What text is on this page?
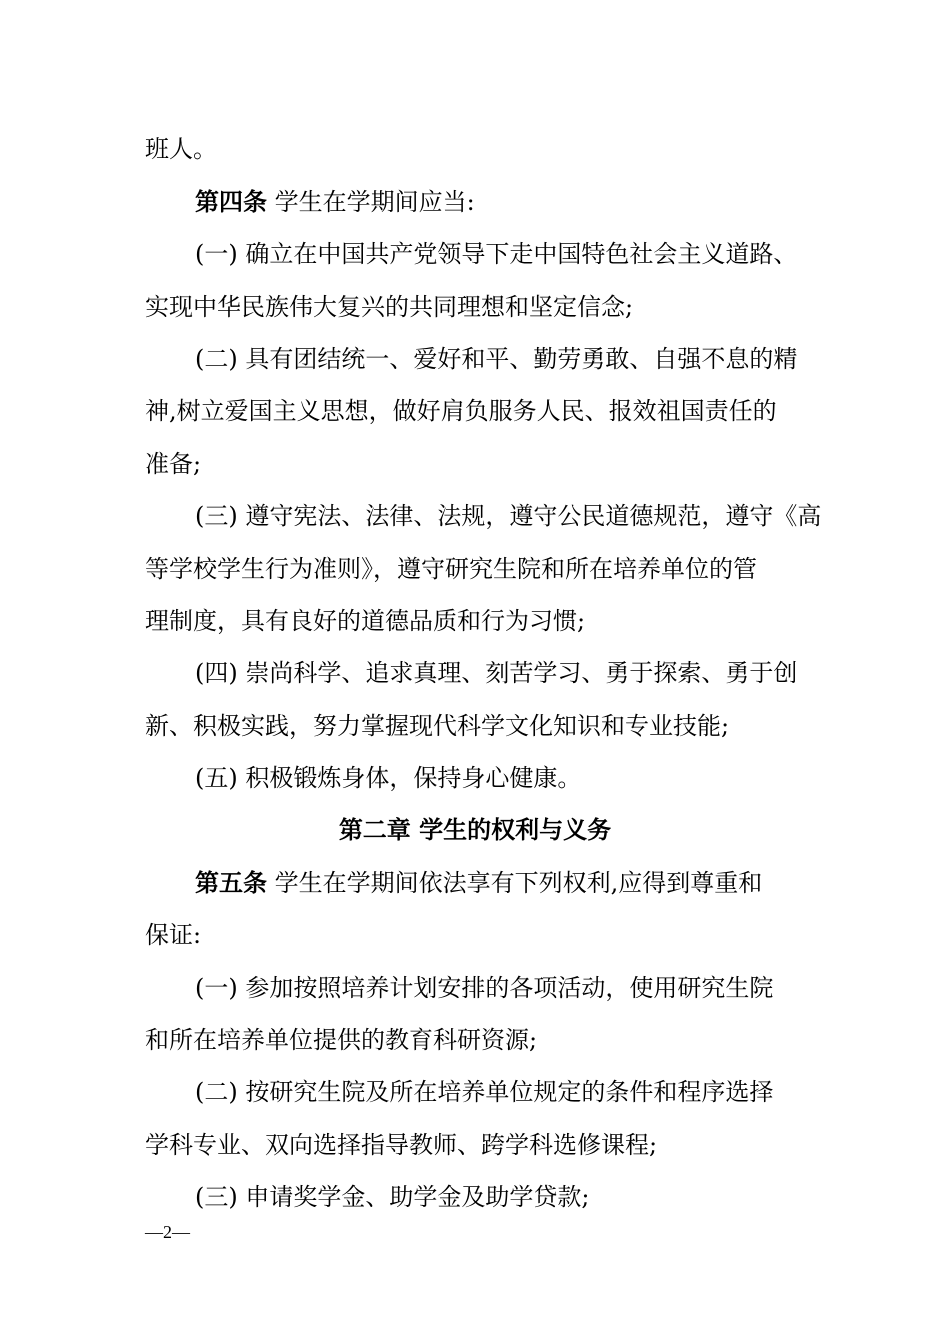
班人。
第四条 学生在学期间应当:
(一) 确立在中国共产党领导下走中国特色社会主义道路、
实现中华民族伟大复兴的共同理想和坚定信念;
(二) 具有团结统一、爱好和平、勤劳勇敢、自强不息的精
神,树立爱国主义思想，做好肩负服务人民、报效祖国责任的
准备;
(三) 遵守宪法、法律、法规，遵守公民道德规范，遵守《高
等学校学生行为准则》，遵守研究生院和所在培养单位的管
理制度，具有良好的道德品质和行为习惯;
(四) 崇尚科学、追求真理、刻苦学习、勇于探索、勇于创
新、积极实践，努力掌握现代科学文化知识和专业技能;
(五) 积极锻炼身体，保持身心健康。
第二章 学生的权利与义务
第五条 学生在学期间依法享有下列权利,应得到尊重和
保证:
(一) 参加按照培养计划安排的各项活动，使用研究生院
和所在培养单位提供的教育科研资源;
(二) 按研究生院及所在培养单位规定的条件和程序选择
学科专业、双向选择指导教师、跨学科选修课程;
(三) 申请奖学金、助学金及助学贷款;
—2—
